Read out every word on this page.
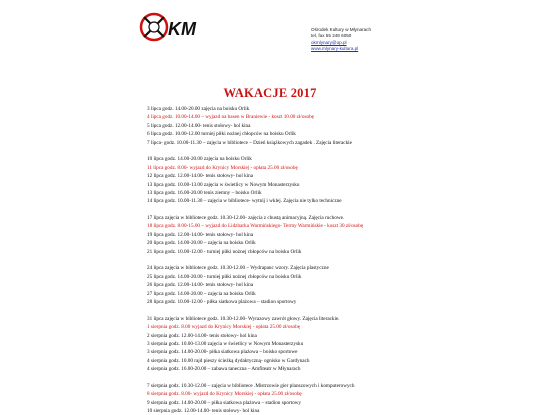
KM	Ośrodek Kultury w Młynarach
tel, fax 55 248 6050
okmlynary@op.pl
www.mlynary-kultura.pl
WAKACJE 2017
3 lipca godz. 14.00-20.00 zajęcia na boisku Orlik
4 lipca godz. 10.00-14.00 – wyjazd na basen w Braniewie - koszt 10.00 zł/osobę
5 lipca godz. 12.00-14.00- tenis stołowy- hol kina
6 lipca godz. 10.00-12.00 turniej piłki nożnej chłopców na boisku Orlik
7 lipca- godz. 10.00-11.30 – zajęcia w bibliotece – Dzień książkowych zagadek . Zajęcia literackie
10 lipca godz. 14.00-20.00 zajęcia na boisku Orlik
11 lipca godz. 8.00- wyjazd do Krynicy Morskiej - opłata 25.00 zł/osobę
12 lipca godz. 12.00-14.00- tenis stołowy- hol kina
13 lipca godz. 10.00-13.00 zajęcia w świetlicy w Nowym Monasterzysku
13 lipca godz. 16.00-20.00 tenis ziemny – boisko Orlik
14 lipca godz. 10.00-11.30 – zajęcia w bibliotece- wytnij i wklej. Zajęcia nie tylko techniczne
17 lipca zajęcia w bibliotece godz. 10.30-12.00- zajęcia z chustą animacyjną. Zajęcia ruchowe.
18 lipca godz. 8.00-15.00 – wyjazd do Lidzbarka Warmińskiego- Termy Warmińskie - koszt 30 zł/osobę
19 lipca godz. 12.00-14.00- tenis stołowy- hol kina
20 lipca godz. 14.00-20.00 – zajęcia na boisku Orlik
21 lipca godz. 10.00-12.00 - turniej piłki nożnej chłopców na boisku Orlik
24 lipca zajęcia w bibliotece godz. 10.30-12.00 – Wydrapanc wzory. Zajęcia plastyczne
25 lipca godz. 14.00-20.00 - turniej piłki nożnej chłopców na boisku Orlik
26 lipca godz. 12.00-14.00- tenis stołowy- hol kina
27 lipca godz. 14.00-20.00 – zajęcia na boisku Orlik
28 lipca godz. 10.00-12.00 - piłka siatkowa plażowa – stadion sportowy
31 lipca zajęcia w bibliotece godz. 10.30-12.00- Wyrazowy zawrót głowy. Zajęcia literackie.
1 sierpnia godz. 8.00 wyjazd do Krynicy Morskiej - opłata 25.00 zł/osobę
2 sierpnia godz. 12.00-14.00- tenis stołowy- hol kina
3 sierpnia godz. 10.00-13.00 zajęcia w świetlicy w Nowym Monasterzysku
3 sierpnia godz. 14.00-20.00- piłka siatkowa plażowa – boisko sportowe
4 sierpnia godz. 10.00 rajd pieszy ścieżką dydaktyczną- ognisko w Gardynach
4 sierpnia godz. 16.00-20.00 – zabawa taneczna – Amfiteatr w Młynarach
7 sierpnia godz. 10.30-12.00 – zajęcia w bibliotece .Mistrzowie gier planszowych i komputerowych
8 sierpnia godz. 8.00- wyjazd do Krynicy Morskiej - opłata 25.00 zł/osobę
9 sierpnia godz. 14.00-20.00 – piłka siatkowa plażowa – stadion sportowy
10 sierpnia godz. 12.00-14.00- tenis stołowy- hol kina
